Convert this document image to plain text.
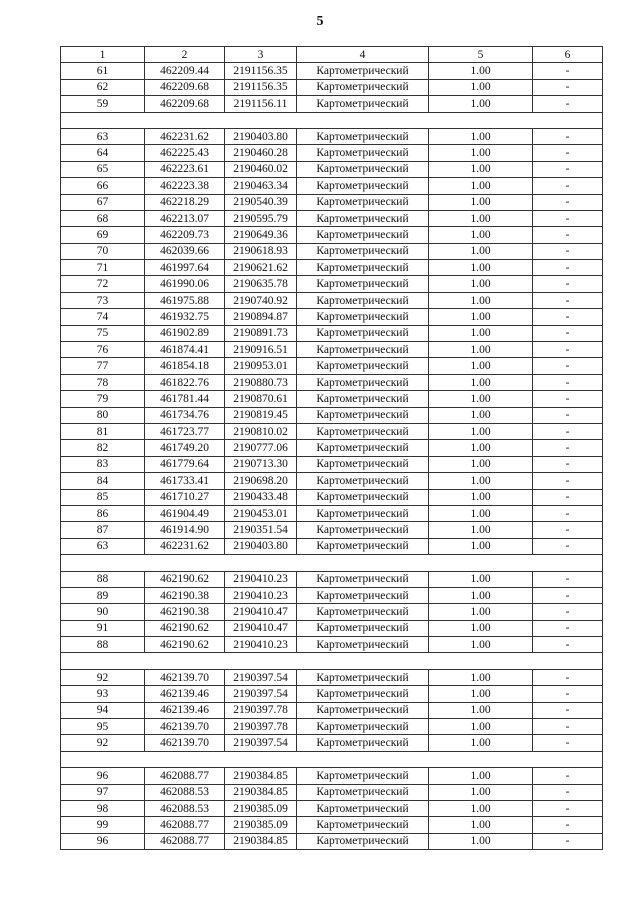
5
1	2	3	4	5	6
61	462209.44	2191156.35	Картометрический	1.00	-
62	462209.68	2191156.35	Картометрический	1.00	-
59	462209.68	2191156.11	Картометрический	1.00	-

63	462231.62	2190403.80	Картометрический	1.00	-
64	462225.43	2190460.28	Картометрический	1.00	-
65	462223.61	2190460.02	Картометрический	1.00	-
66	462223.38	2190463.34	Картометрический	1.00	-
67	462218.29	2190540.39	Картометрический	1.00	-
68	462213.07	2190595.79	Картометрический	1.00	-
69	462209.73	2190649.36	Картометрический	1.00	-
70	462039.66	2190618.93	Картометрический	1.00	-
71	461997.64	2190621.62	Картометрический	1.00	-
72	461990.06	2190635.78	Картометрический	1.00	-
73	461975.88	2190740.92	Картометрический	1.00	-
74	461932.75	2190894.87	Картометрический	1.00	-
75	461902.89	2190891.73	Картометрический	1.00	-
76	461874.41	2190916.51	Картометрический	1.00	-
77	461854.18	2190953.01	Картометрический	1.00	-
78	461822.76	2190880.73	Картометрический	1.00	-
79	461781.44	2190870.61	Картометрический	1.00	-
80	461734.76	2190819.45	Картометрический	1.00	-
81	461723.77	2190810.02	Картометрический	1.00	-
82	461749.20	2190777.06	Картометрический	1.00	-
83	461779.64	2190713.30	Картометрический	1.00	-
84	461733.41	2190698.20	Картометрический	1.00	-
85	461710.27	2190433.48	Картометрический	1.00	-
86	461904.49	2190453.01	Картометрический	1.00	-
87	461914.90	2190351.54	Картометрический	1.00	-
63	462231.62	2190403.80	Картометрический	1.00	-

88	462190.62	2190410.23	Картометрический	1.00	-
89	462190.38	2190410.23	Картометрический	1.00	-
90	462190.38	2190410.47	Картометрический	1.00	-
91	462190.62	2190410.47	Картометрический	1.00	-
88	462190.62	2190410.23	Картометрический	1.00	-

92	462139.70	2190397.54	Картометрический	1.00	-
93	462139.46	2190397.54	Картометрический	1.00	-
94	462139.46	2190397.78	Картометрический	1.00	-
95	462139.70	2190397.78	Картометрический	1.00	-
92	462139.70	2190397.54	Картометрический	1.00	-

96	462088.77	2190384.85	Картометрический	1.00	-
97	462088.53	2190384.85	Картометрический	1.00	-
98	462088.53	2190385.09	Картометрический	1.00	-
99	462088.77	2190385.09	Картометрический	1.00	-
96	462088.77	2190384.85	Картометрический	1.00	-
